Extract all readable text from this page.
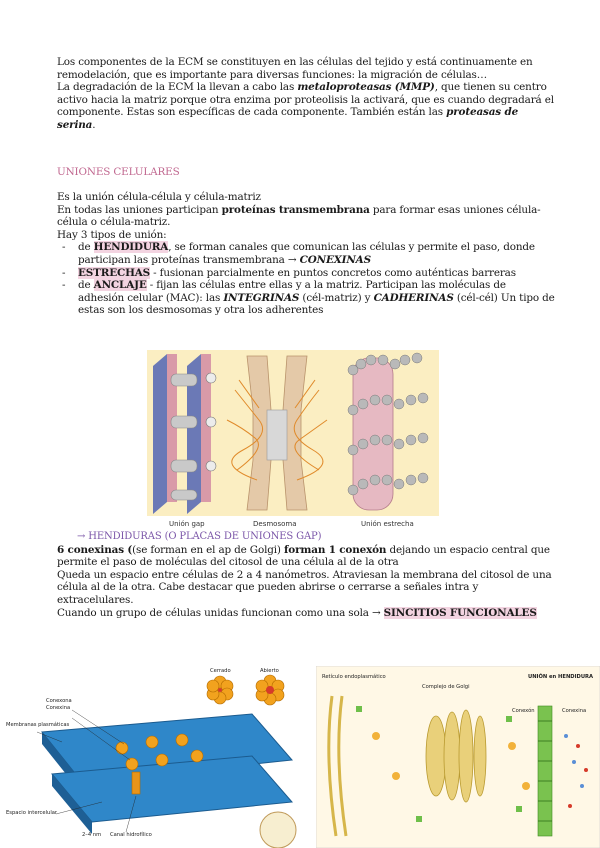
Los componentes de la ECM se constituyen en las células del tejido y está continuamente en remodelación, que es importante para diversas funciones: la migración de células…

La degradación de la ECM la llevan a cabo las metaloproteasas (MMP), que tienen su centro activo hacia la matriz porque otra enzima por proteolisis la activará, que es cuando degradará el componente. Estas son específicas de cada componente. También están las proteasas de serina.

UNIONES CELULARES

Es la unión célula-célula y célula-matriz

En todas las uniones participan proteínas transmembrana para formar esas uniones célula-célula o célula-matriz.

Hay 3 tipos de unión:

- de HENDIDURA, se forman canales que comunican las células y permite el paso, donde participan las proteínas transmembrana → CONEXINAS
- ESTRECHAS - fusionan parcialmente en puntos concretos como auténticas barreras
- de ANCLAJE - fijan las células entre ellas y a la matriz. Participan las moléculas de adhesión celular (MAC): las INTEGRINAS (cél-matriz) y CADHERINAS (cél-cél) Un tipo de estas son los desmosomas y otra los adherentes
Unión gap	Desmosoma	Unión estrecha

→ HENDIDURAS (O PLACAS DE UNIONES GAP)

6 conexinas ((se forman en el ap de Golgi) forman 1 conexón dejando un espacio central que permite el paso de moléculas del citosol de una célula al de la otra

Queda un espacio entre células de 2 a 4 nanómetros. Atraviesan la membrana del citosol de una célula al de la otra. Cabe destacar que pueden abrirse o cerrarse a señales intra y extracelulares.

Cuando un grupo de células unidas funcionan como una sola → SINCITIOS FUNCIONALES

Cerrado	Abierto
Conexona
Conexina
Membranas plasmáticas
Espacio intercelular
2–4 nm Canal hidrofílico
Retículo endoplasmático
Complejo de Golgi
UNIÓN en HENDIDURA
Conexón	Conexina
